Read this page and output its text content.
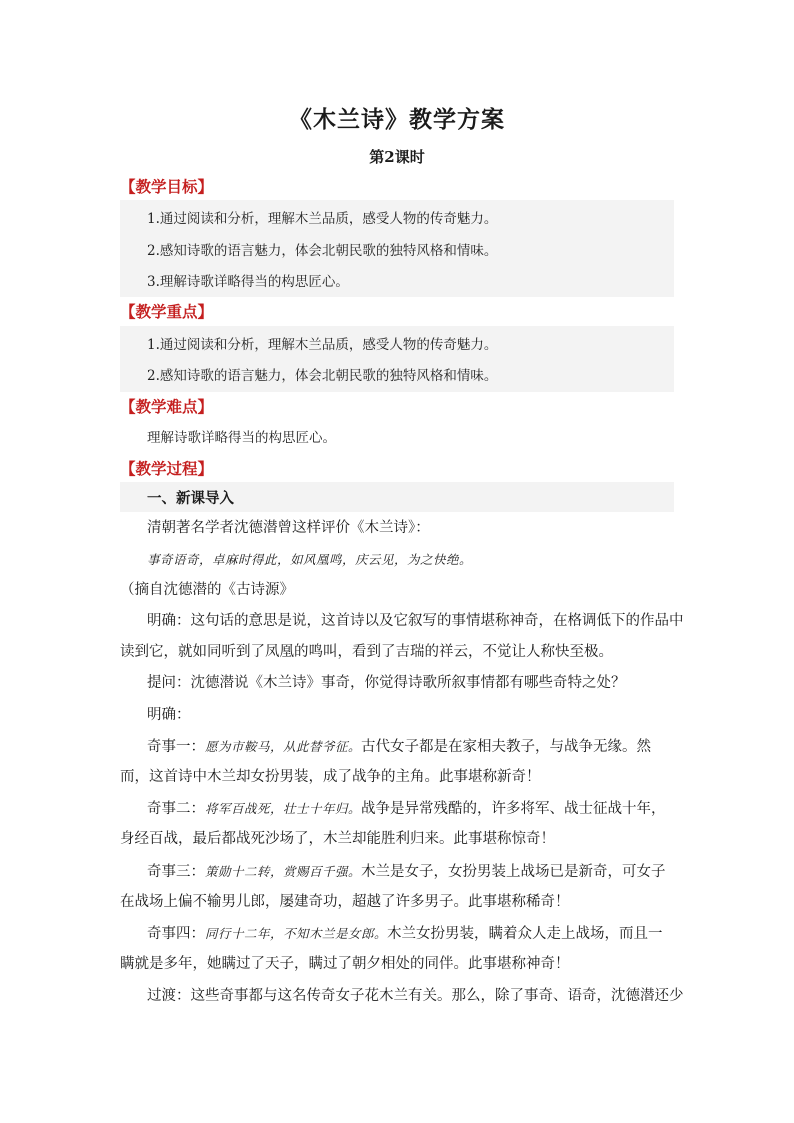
《木兰诗》教学方案
第2课时
【教学目标】
1.通过阅读和分析，理解木兰品质，感受人物的传奇魅力。
2.感知诗歌的语言魅力，体会北朝民歌的独特风格和情味。
3.理解诗歌详略得当的构思匠心。
【教学重点】
1.通过阅读和分析，理解木兰品质，感受人物的传奇魅力。
2.感知诗歌的语言魅力，体会北朝民歌的独特风格和情味。
【教学难点】
理解诗歌详略得当的构思匠心。
【教学过程】
一、新课导入
清朝著名学者沈德潜曾这样评价《木兰诗》：
事奇语奇，卓麻时得此，如风凰鸣，庆云见，为之快绝。
（摘自沈德潜的《古诗源》
明确：这句话的意思是说，这首诗以及它叙写的事情堪称神奇，在格调低下的作品中
读到它，就如同听到了凤凰的鸣叫，看到了吉瑞的祥云，不觉让人称快至极。
提问：沈德潜说《木兰诗》事奇，你觉得诗歌所叙事情都有哪些奇特之处？
明确：
奇事一：愿为市鞍马，从此替爷征。古代女子都是在家相夫教子，与战争无缘。然
而，这首诗中木兰却女扮男装，成了战争的主角。此事堪称新奇！
奇事二：将军百战死，壮士十年归。战争是异常残酷的，许多将军、战士征战十年，
身经百战，最后都战死沙场了，木兰却能胜利归来。此事堪称惊奇！
奇事三：策勋十二转，赏赐百千强。木兰是女子，女扮男装上战场已是新奇，可女子
在战场上偏不输男儿郎，屡建奇功，超越了许多男子。此事堪称稀奇！
奇事四：同行十二年，不知木兰是女郎。木兰女扮男装，瞒着众人走上战场，而且一
瞒就是多年，她瞒过了天子，瞒过了朝夕相处的同伴。此事堪称神奇！
过渡：这些奇事都与这名传奇女子花木兰有关。那么，除了事奇、语奇，沈德潜还少
